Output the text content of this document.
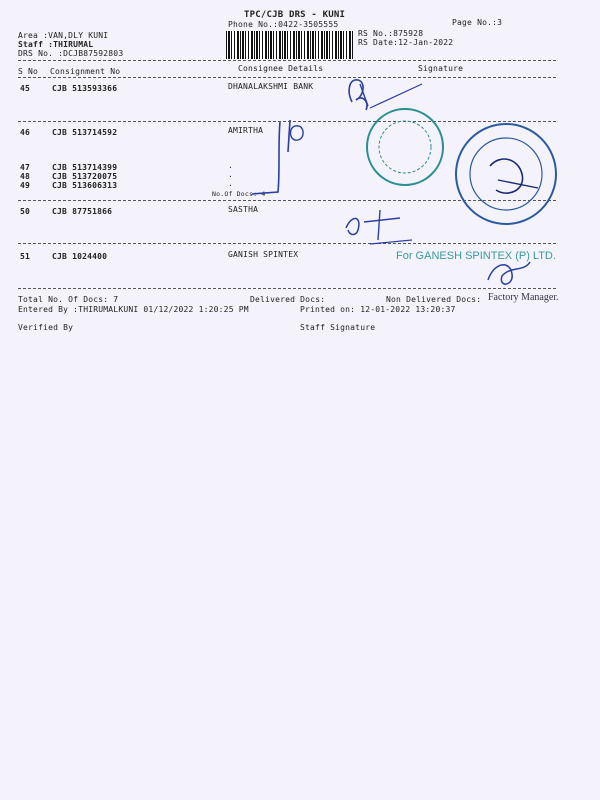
TPC/CJB DRS - KUNI
Phone No.:0422-3505555	Page No.:3
Area :VAN,DLY KUNI
Staff :THIRUMAL
DRS No. :DCJB87592803
RS No.:875928
RS Date:12-Jan-2022
S No Consignment No	Consignee Details	Signature
45	CJB 513593366	DHANALAKSHMI BANK
46	CJB 513714592	AMIRTHA
47	CJB 513714399	.
48	CJB 513720075	.
49	CJB 513606313	.
No.Of Docs: 4
50	CJB 87751866	SASTHA
51	CJB 1024400	GANISH SPINTEX
Total No. Of Docs: 7	Delivered Docs:	Non Delivered Docs:
Entered By :THIRUMALKUNI 01/12/2022 1:20:25 PM	Printed on: 12-01-2022 13:20:37
Verified By	Staff Signature
For GANESH SPINTEX (P) LTD.
Factory Manager.
